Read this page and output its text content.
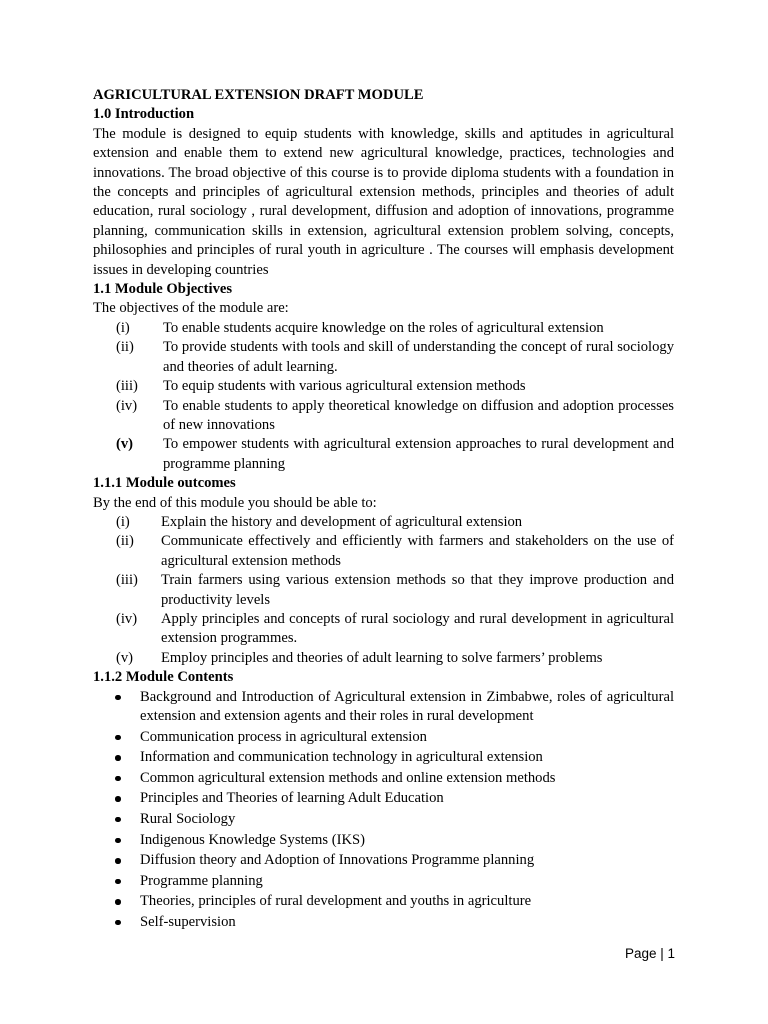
AGRICULTURAL EXTENSION DRAFT MODULE

1.0 Introduction

The module is designed to equip students with knowledge, skills and aptitudes in agricultural extension and enable them to extend new agricultural knowledge, practices, technologies and innovations. The broad objective of this course is to provide diploma students with a foundation in the concepts and principles of agricultural extension methods, principles and theories of adult education, rural sociology , rural development, diffusion and adoption of innovations, programme planning, communication skills in extension, agricultural extension problem solving, concepts, philosophies and principles of rural youth in agriculture . The courses will emphasis development issues in developing countries

1.1 Module Objectives

The objectives of the module are:

(i)	To enable students acquire knowledge on the roles of agricultural extension
(ii)	To provide students with tools and skill of understanding the concept of rural sociology and theories of adult learning.
(iii)	To equip students with various agricultural extension methods
(iv)	To enable students to apply theoretical knowledge on diffusion and adoption processes of new innovations
(v)	To empower students with agricultural extension approaches to rural development and programme planning

1.1.1 Module outcomes

By the end of this module you should be able to:

(i)	Explain the history and development of agricultural extension
(ii)	Communicate effectively and efficiently with farmers and stakeholders on the use of agricultural extension methods
(iii)	Train farmers using various extension methods so that they improve production and productivity levels
(iv)	Apply principles and concepts of rural sociology and rural development in agricultural extension programmes.
(v)	Employ principles and theories of adult learning to solve farmers’ problems

1.1.2 Module Contents

Background and Introduction of Agricultural extension in Zimbabwe, roles of agricultural extension and extension agents and their roles in rural development
Communication process in agricultural extension
Information and communication technology in agricultural extension
Common agricultural extension methods and online extension methods
Principles and Theories of learning Adult Education
Rural Sociology
Indigenous Knowledge Systems (IKS)
Diffusion theory and Adoption of Innovations Programme planning
Programme planning
Theories, principles of rural development and youths in agriculture
Self-supervision
Page | 1
